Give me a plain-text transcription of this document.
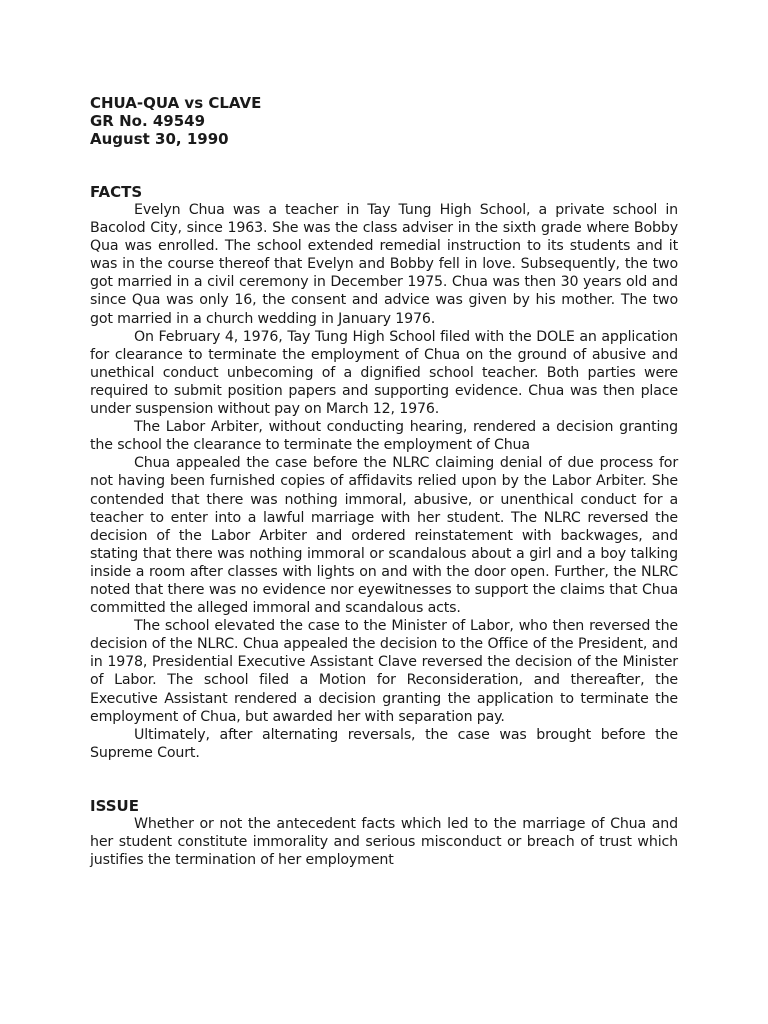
CHUA-QUA vs CLAVE

GR No. 49549

August 30, 1990

FACTS

Evelyn Chua was a teacher in Tay Tung High School, a private school in Bacolod City, since 1963. She was the class adviser in the sixth grade where Bobby Qua was enrolled. The school extended remedial instruction to its students and it was in the course thereof that Evelyn and Bobby fell in love. Subsequently, the two got married in a civil ceremony in December 1975. Chua was then 30 years old and since Qua was only 16, the consent and advice was given by his mother. The two got married in a church wedding in January 1976.

On February 4, 1976, Tay Tung High School filed with the DOLE an application for clearance to terminate the employment of Chua on the ground of abusive and unethical conduct unbecoming of a dignified school teacher. Both parties were required to submit position papers and supporting evidence. Chua was then place under suspension without pay on March 12, 1976.

The Labor Arbiter, without conducting hearing, rendered a decision granting the school the clearance to terminate the employment of Chua

Chua appealed the case before the NLRC claiming denial of due process for not having been furnished copies of affidavits relied upon by the Labor Arbiter. She contended that there was nothing immoral, abusive, or unenthical conduct for a teacher to enter into a lawful marriage with her student. The NLRC reversed the decision of the Labor Arbiter and ordered reinstatement with backwages, and stating that there was nothing immoral or scandalous about a girl and a boy talking inside a room after classes with lights on and with the door open. Further, the NLRC noted that there was no evidence nor eyewitnesses to support the claims that Chua committed the alleged immoral and scandalous acts.

The school elevated the case to the Minister of Labor, who then reversed the decision of the NLRC. Chua appealed the decision to the Office of the President, and in 1978, Presidential Executive Assistant Clave reversed the decision of the Minister of Labor. The school filed a Motion for Reconsideration, and thereafter, the Executive Assistant rendered a decision granting the application to terminate the employment of Chua, but awarded her with separation pay.

Ultimately, after alternating reversals, the case was brought before the Supreme Court.

ISSUE

Whether or not the antecedent facts which led to the marriage of Chua and her student constitute immorality and serious misconduct or breach of trust which justifies the termination of her employment
